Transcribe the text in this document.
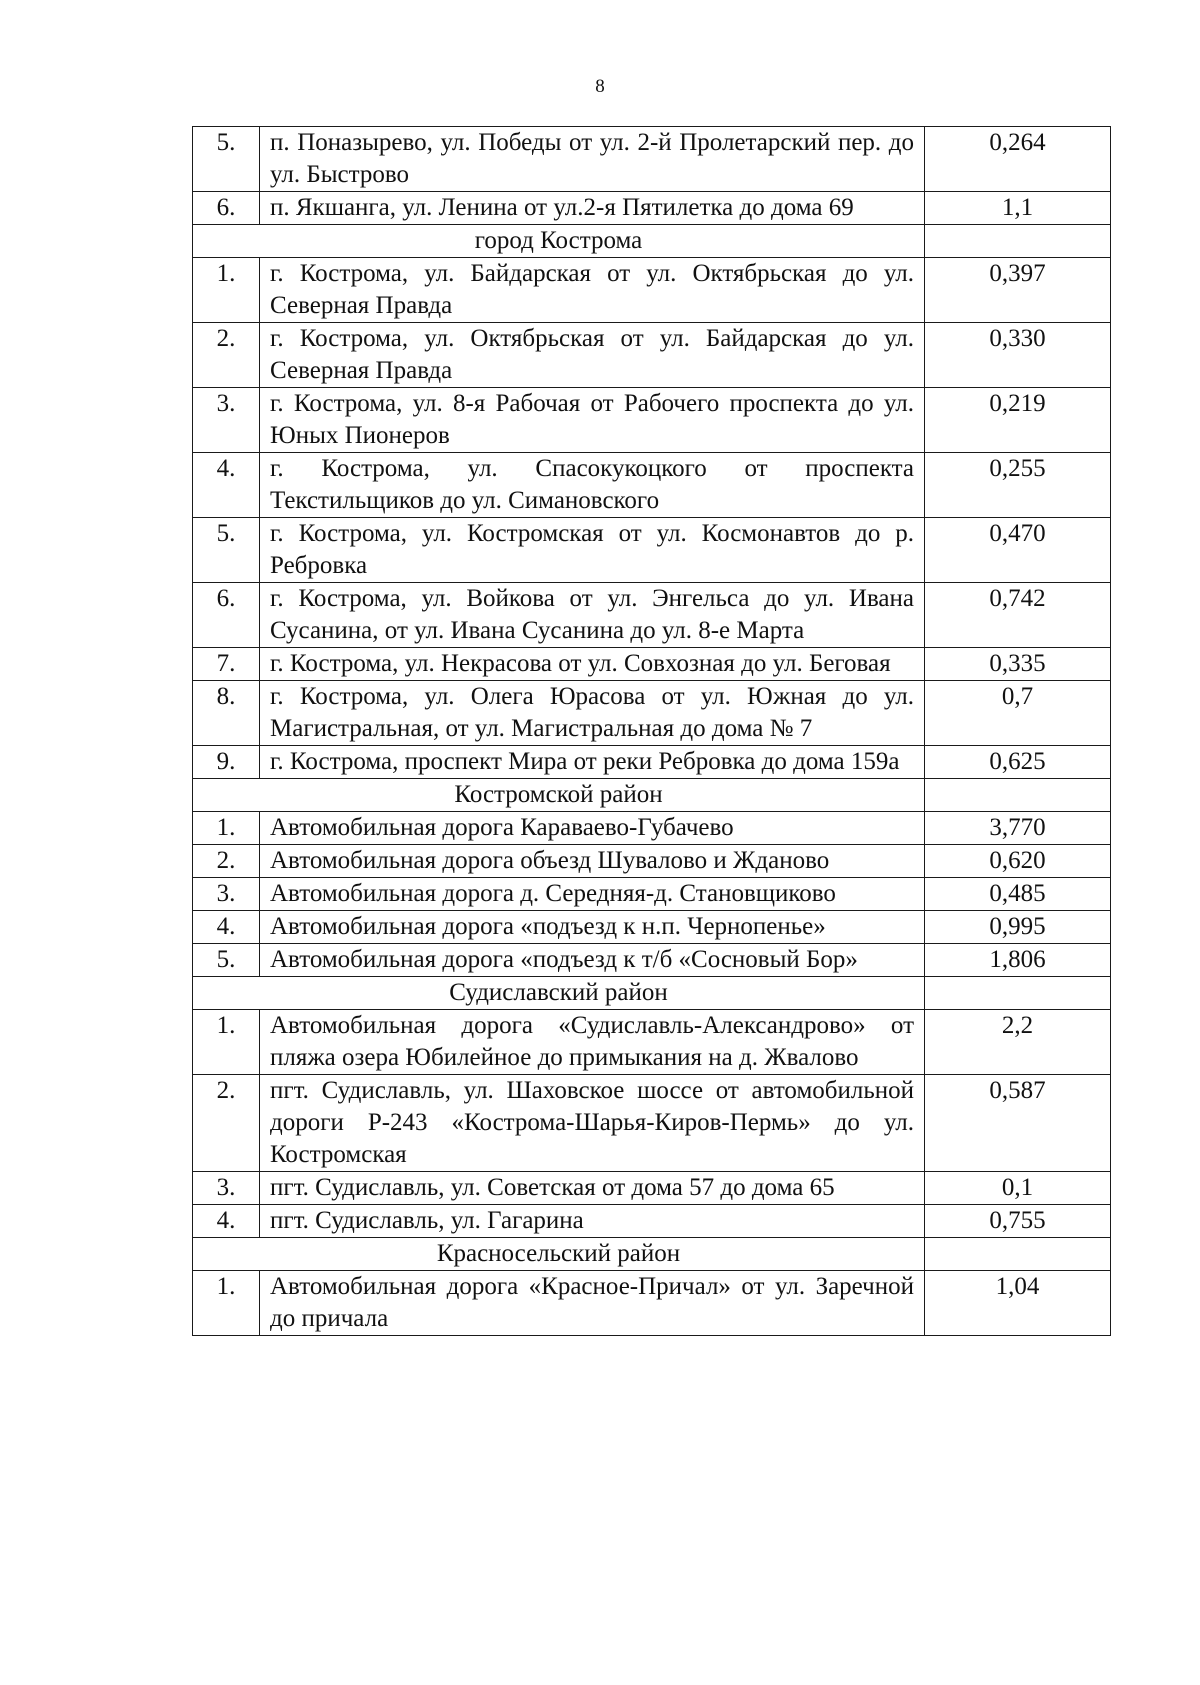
8
5.	п. Поназырево, ул. Победы от ул. 2-й Пролетарский пер. до ул. Быстрово	0,264
6.	п. Якшанга, ул. Ленина от ул.2-я Пятилетка до дома 69	1,1
город Кострома		
1.	г. Кострома, ул. Байдарская от ул. Октябрьская до ул. Северная Правда	0,397
2.	г. Кострома, ул. Октябрьская от ул. Байдарская до ул. Северная Правда	0,330
3.	г. Кострома, ул. 8-я Рабочая от Рабочего проспекта до ул. Юных Пионеров	0,219
4.	г. Кострома, ул. Спасокукоцкого от проспекта Текстильщиков до ул. Симановского	0,255
5.	г. Кострома, ул. Костромская от ул. Космонавтов до р. Ребровка	0,470
6.	г. Кострома, ул. Войкова от ул. Энгельса до ул. Ивана Сусанина, от ул. Ивана Сусанина до ул. 8-е Марта	0,742
7.	г. Кострома, ул. Некрасова от ул. Совхозная до ул. Беговая	0,335
8.	г. Кострома, ул. Олега Юрасова от ул. Южная до ул. Магистральная, от ул. Магистральная до дома № 7	0,7
9.	г. Кострома, проспект Мира от реки Ребровка до дома 159а	0,625
Костромской район		
1.	Автомобильная дорога Караваево-Губачево	3,770
2.	Автомобильная дорога объезд Шувалово и Жданово	0,620
3.	Автомобильная дорога д. Середняя-д. Становщиково	0,485
4.	Автомобильная дорога «подъезд к н.п. Чернопенье»	0,995
5.	Автомобильная дорога «подъезд к т/б «Сосновый Бор»	1,806
Судиславский район		
1.	Автомобильная дорога «Судиславль-Александрово» от пляжа озера Юбилейное до примыкания на д. Жвалово	2,2
2.	пгт. Судиславль, ул. Шаховское шоссе от автомобильной дороги Р-243 «Кострома-Шарья-Киров-Пермь» до ул. Костромская	0,587
3.	пгт. Судиславль, ул. Советская от дома 57 до дома 65	0,1
4.	пгт. Судиславль, ул. Гагарина	0,755
Красносельский район		
1.	Автомобильная дорога «Красное-Причал» от ул. Заречной до причала	1,04
